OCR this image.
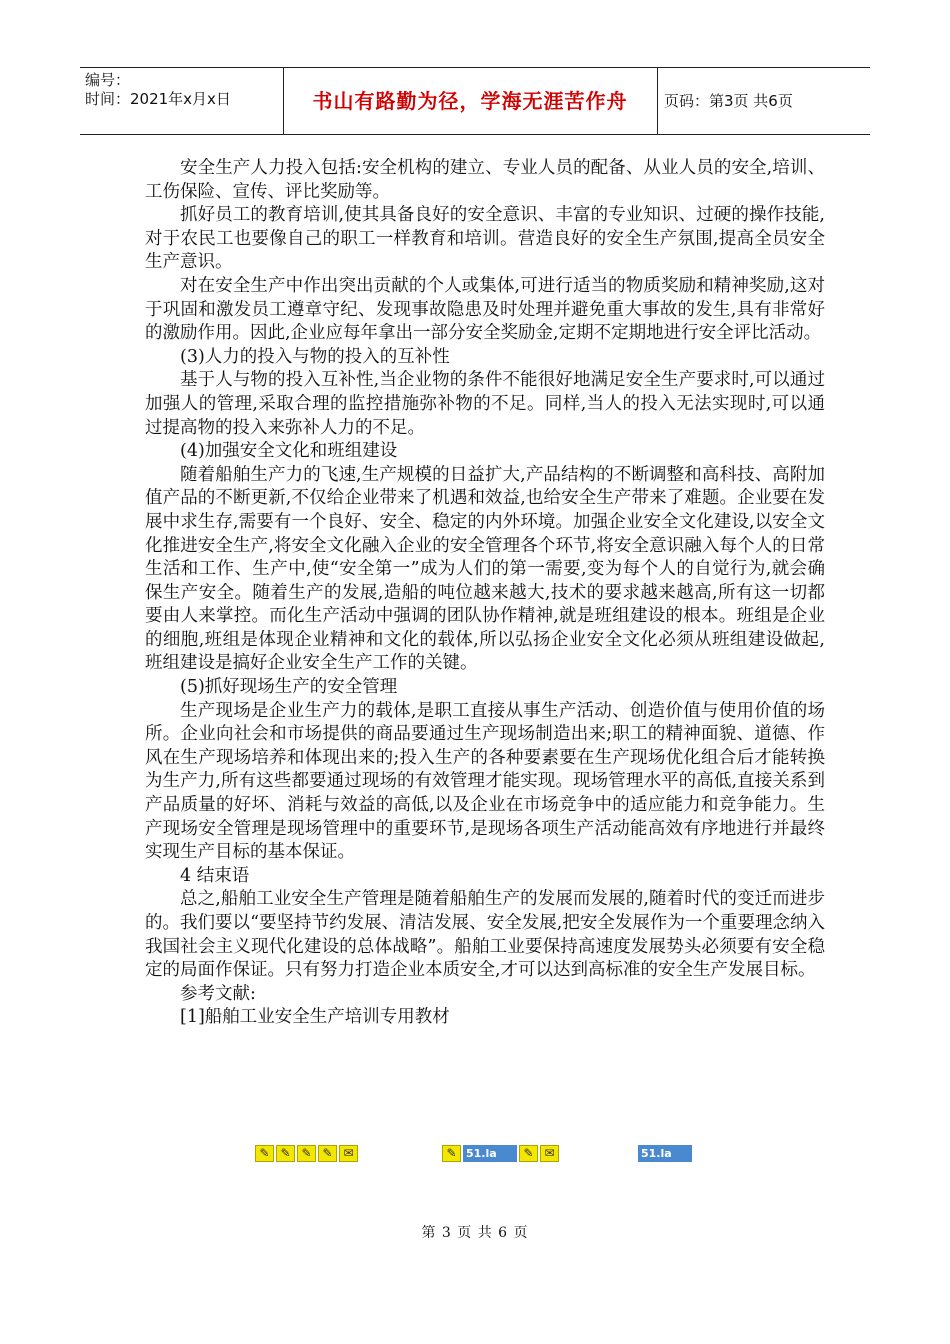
编号：
时间：2021年x月x日	书山有路勤为径，学海无涯苦作舟	页码：第3页 共6页

安全生产人力投入包括:安全机构的建立、专业人员的配备、从业人员的安全,培训、工伤保险、宣传、评比奖励等。

抓好员工的教育培训,使其具备良好的安全意识、丰富的专业知识、过硬的操作技能,对于农民工也要像自己的职工一样教育和培训。营造良好的安全生产氛围,提高全员安全生产意识。

对在安全生产中作出突出贡献的个人或集体,可进行适当的物质奖励和精神奖励,这对于巩固和激发员工遵章守纪、发现事故隐患及时处理并避免重大事故的发生,具有非常好的激励作用。因此,企业应每年拿出一部分安全奖励金,定期不定期地进行安全评比活动。

(3)人力的投入与物的投入的互补性

基于人与物的投入互补性,当企业物的条件不能很好地满足安全生产要求时,可以通过加强人的管理,采取合理的监控措施弥补物的不足。同样,当人的投入无法实现时,可以通过提高物的投入来弥补人力的不足。

(4)加强安全文化和班组建设

随着船舶生产力的飞速,生产规模的日益扩大,产品结构的不断调整和高科技、高附加值产品的不断更新,不仅给企业带来了机遇和效益,也给安全生产带来了难题。企业要在发展中求生存,需要有一个良好、安全、稳定的内外环境。加强企业安全文化建设,以安全文化推进安全生产,将安全文化融入企业的安全管理各个环节,将安全意识融入每个人的日常生活和工作、生产中,使“安全第一”成为人们的第一需要,变为每个人的自觉行为,就会确保生产安全。随着生产的发展,造船的吨位越来越大,技术的要求越来越高,所有这一切都要由人来掌控。而化生产活动中强调的团队协作精神,就是班组建设的根本。班组是企业的细胞,班组是体现企业精神和文化的载体,所以弘扬企业安全文化必须从班组建设做起,班组建设是搞好企业安全生产工作的关键。

(5)抓好现场生产的安全管理

生产现场是企业生产力的载体,是职工直接从事生产活动、创造价值与使用价值的场所。企业向社会和市场提供的商品要通过生产现场制造出来;职工的精神面貌、道德、作风在生产现场培养和体现出来的;投入生产的各种要素要在生产现场优化组合后才能转换为生产力,所有这些都要通过现场的有效管理才能实现。现场管理水平的高低,直接关系到产品质量的好坏、消耗与效益的高低,以及企业在市场竞争中的适应能力和竞争能力。生产现场安全管理是现场管理中的重要环节,是现场各项生产活动能高效有序地进行并最终实现生产目标的基本保证。

4 结束语

总之,船舶工业安全生产管理是随着船舶生产的发展而发展的,随着时代的变迁而进步的。我们要以“要坚持节约发展、清洁发展、安全发展,把安全发展作为一个重要理念纳入我国社会主义现代化建设的总体战略”。船舶工业要保持高速度发展势头必须要有安全稳定的局面作保证。只有努力打造企业本质安全,才可以达到高标准的安全生产发展目标。

参考文献:

[1]船舶工业安全生产培训专用教材

✎ ✎ ✎ ✎ ✉	✎ 51.la	✎ ✉	51.la
第 3 页 共 6 页
